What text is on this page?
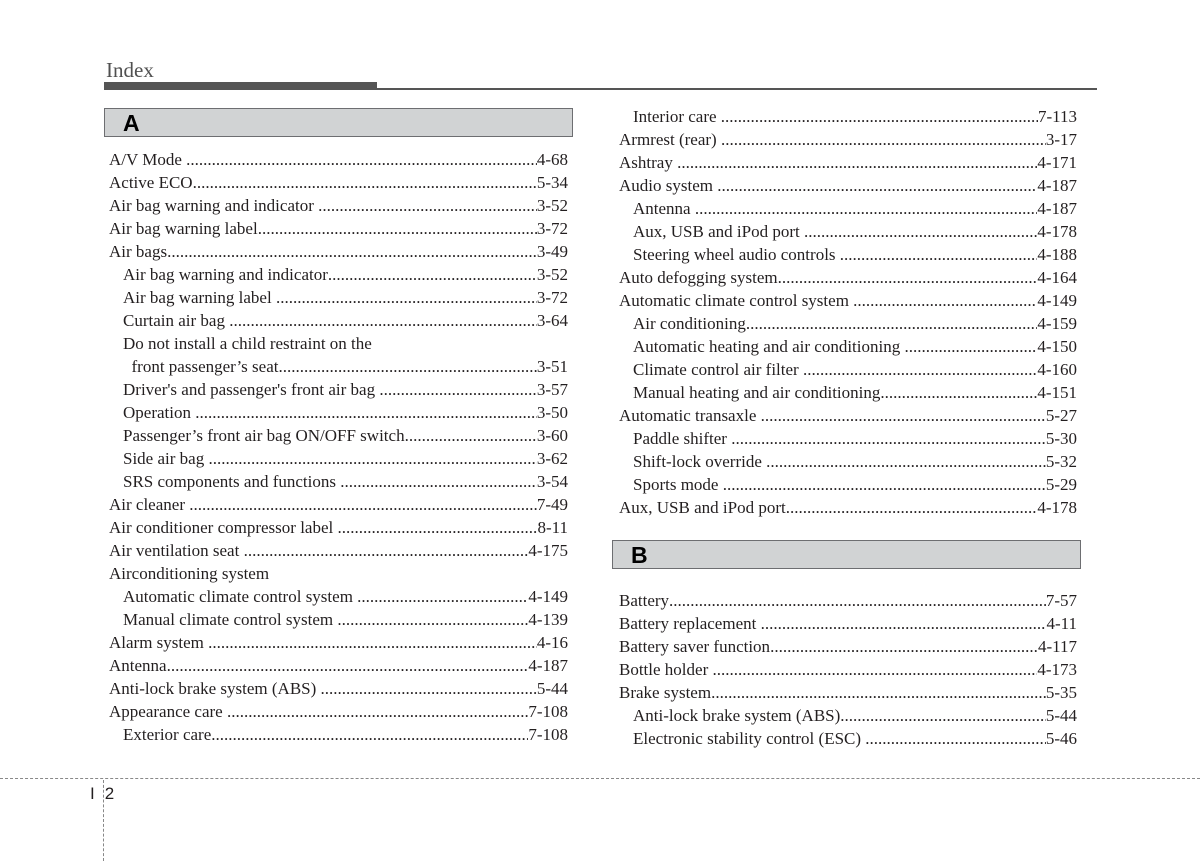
Index
A
A/V Mode .....	4-68
Active ECO .....	5-34
Air bag warning and indicator .....	3-52
Air bag warning label .....	3-72
Air bags .....	3-49
Air bag warning and indicator .....	3-52
Air bag warning label .....	3-72
Curtain air bag .....	3-64
Do not install a child restraint on the
front passenger’s seat .....	3-51
Driver's and passenger's front air bag .....	3-57
Operation .....	3-50
Passenger’s front air bag ON/OFF switch .....	3-60
Side air bag .....	3-62
SRS components and functions .....	3-54
Air cleaner .....	7-49
Air conditioner compressor label .....	8-11
Air ventilation seat .....	4-175
Airconditioning system
Automatic climate control system .....	4-149
Manual climate control system .....	4-139
Alarm system .....	4-16
Antenna .....	4-187
Anti-lock brake system (ABS) .....	5-44
Appearance care .....	7-108
Exterior care .....	7-108
Interior care .....	7-113
Armrest (rear) .....	3-17
Ashtray .....	4-171
Audio system .....	4-187
Antenna .....	4-187
Aux, USB and iPod port .....	4-178
Steering wheel audio controls .....	4-188
Auto defogging system .....	4-164
Automatic climate control system .....	4-149
Air conditioning .....	4-159
Automatic heating and air conditioning .....	4-150
Climate control air filter .....	4-160
Manual heating and air conditioning .....	4-151
Automatic transaxle .....	5-27
Paddle shifter .....	5-30
Shift-lock override .....	5-32
Sports mode .....	5-29
Aux, USB and iPod port .....	4-178
B
Battery .....	7-57
Battery replacement .....	4-11
Battery saver function .....	4-117
Bottle holder .....	4-173
Brake system .....	5-35
Anti-lock brake system (ABS) .....	5-44
Electronic stability control (ESC) .....	5-46
I 2
